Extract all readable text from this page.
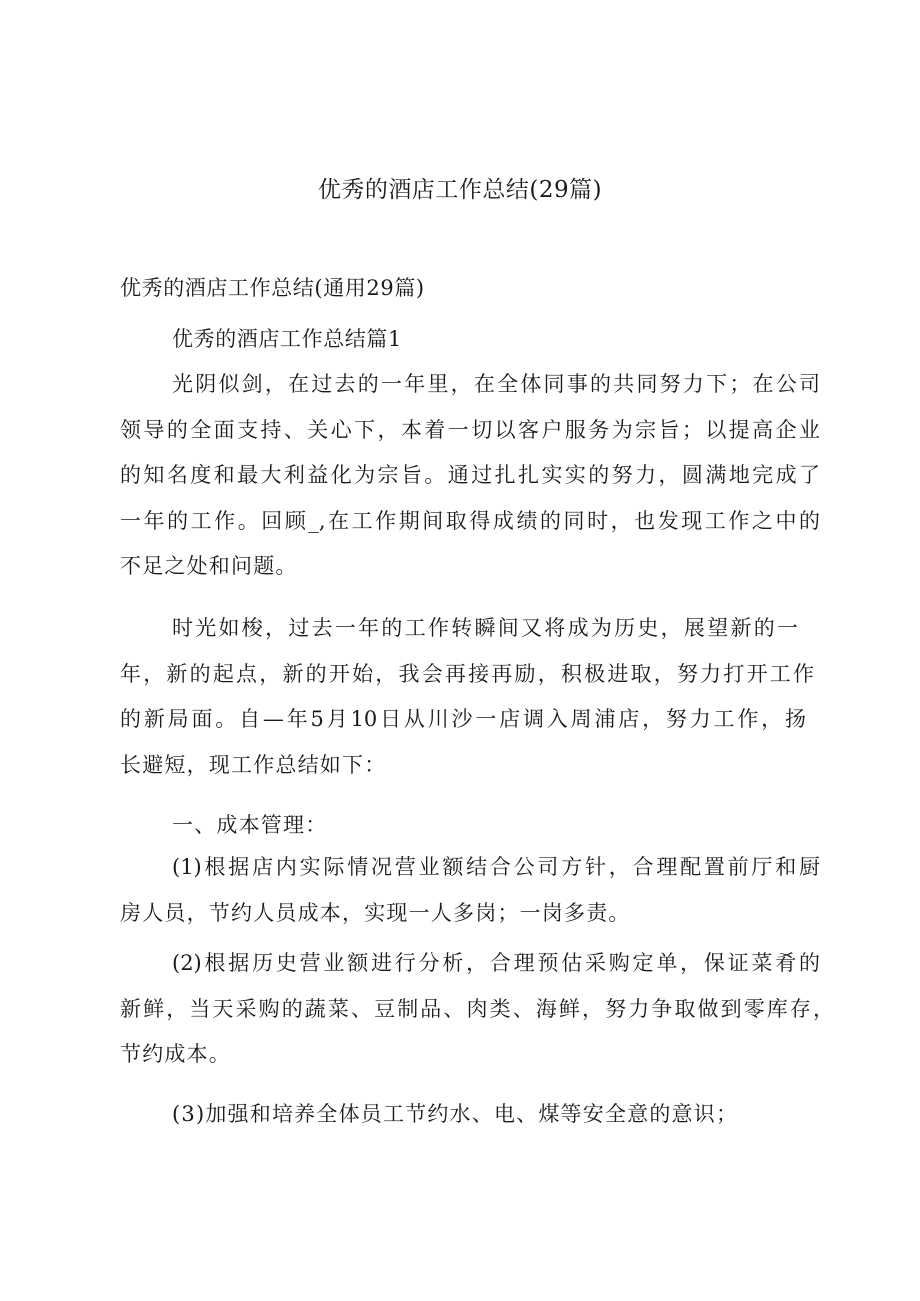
优秀的酒店工作总结(29篇)
优秀的酒店工作总结(通用29篇)
优秀的酒店工作总结篇1
光阴似剑，在过去的一年里，在全体同事的共同努力下；在公司
领导的全面支持、关心下，本着一切以客户服务为宗旨；以提高企业
的知名度和最大利益化为宗旨。通过扎扎实实的努力，圆满地完成了
一年的工作。回顾_,在工作期间取得成绩的同时，也发现工作之中的
不足之处和问题。
时光如梭，过去一年的工作转瞬间又将成为历史，展望新的一
年，新的起点，新的开始，我会再接再励，积极进取，努力打开工作
的新局面。自—年5月10日从川沙一店调入周浦店，努力工作，扬
长避短，现工作总结如下：
一、成本管理：
(1)根据店内实际情况营业额结合公司方针，合理配置前厅和厨
房人员，节约人员成本，实现一人多岗；一岗多责。
(2)根据历史营业额进行分析，合理预估采购定单，保证菜肴的
新鲜，当天采购的蔬菜、豆制品、肉类、海鲜，努力争取做到零库存，
节约成本。
(3)加强和培养全体员工节约水、电、煤等安全意的意识；
